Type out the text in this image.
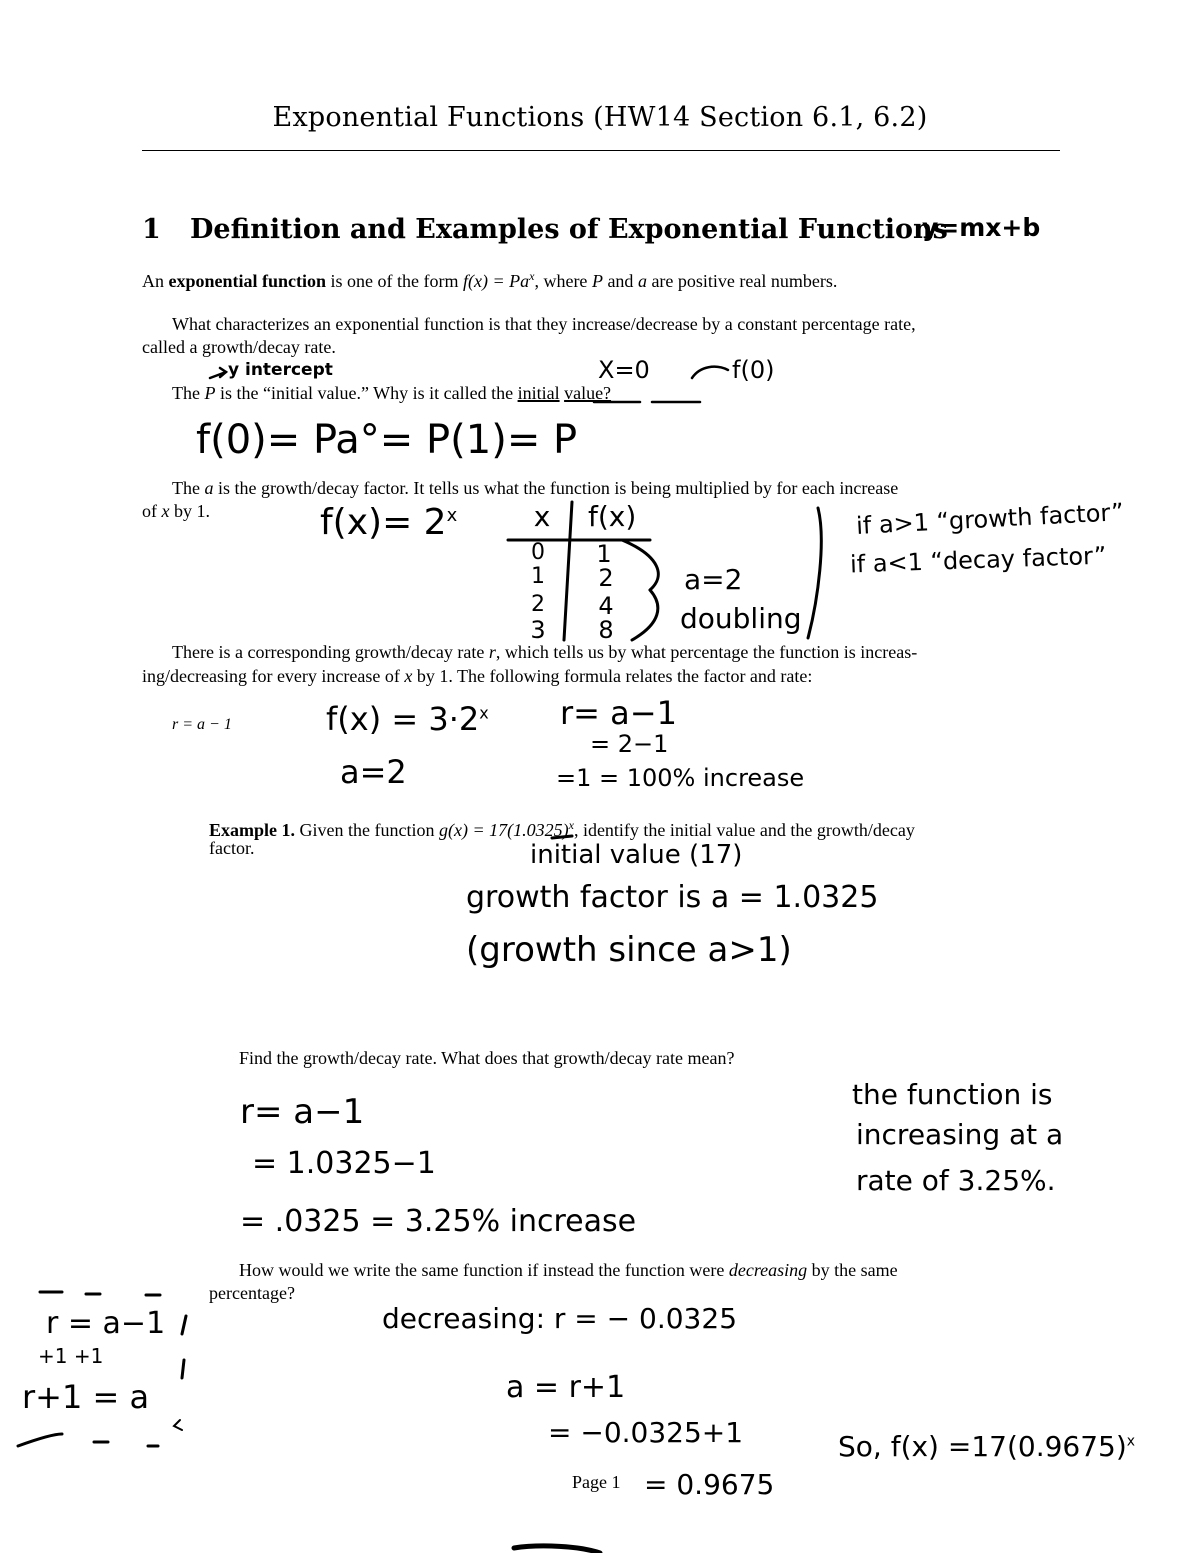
Exponential Functions (HW14 Section 6.1, 6.2)
1 Definition and Examples of Exponential Functions
An exponential function is one of the form $f(x) = Pa^x$, where P and a are positive real numbers.
What characterizes an exponential function is that they increase/decrease by a constant percentage rate,
called a growth/decay rate.
The P is the “initial value.” Why is it called the initial value?
The a is the growth/decay factor. It tells us what the function is being multiplied by for each increase
of x by 1.
There is a corresponding growth/decay rate r, which tells us by what percentage the function is increas-
ing/decreasing for every increase of x by 1. The following formula relates the factor and rate:
r = a − 1
Example 1. Given the function $g(x) = 17(1.0325)^x$, identify the initial value and the growth/decay
factor.
Find the growth/decay rate. What does that growth/decay rate mean?
How would we write the same function if instead the function were decreasing by the same
percentage?
Page 1
y=mx+b
y intercept	X=0	f(0)
f(0)= Pa°= P(1)= P
$f(x)= 2^x$	x	f(x)
0	1
1	2
2	4
3	8
a=2
doubling
if a>1 “growth factor”
if a<1 “decay factor”
$f(x) = 3\cdot 2^x$
a=2
r= a−1
= 2−1
=1 = 100% increase
initial value (17)
growth factor is a = 1.0325
(growth since a>1)
r= a−1
= 1.0325−1
= .0325 = 3.25% increase
the function is
increasing at a
rate of 3.25%.
decreasing: r = − 0.0325
a = r+1
= −0.0325+1
= 0.9675
So, $f(x) =17(0.9675)^x$
r = a−1
+1 +1
r+1 = a
